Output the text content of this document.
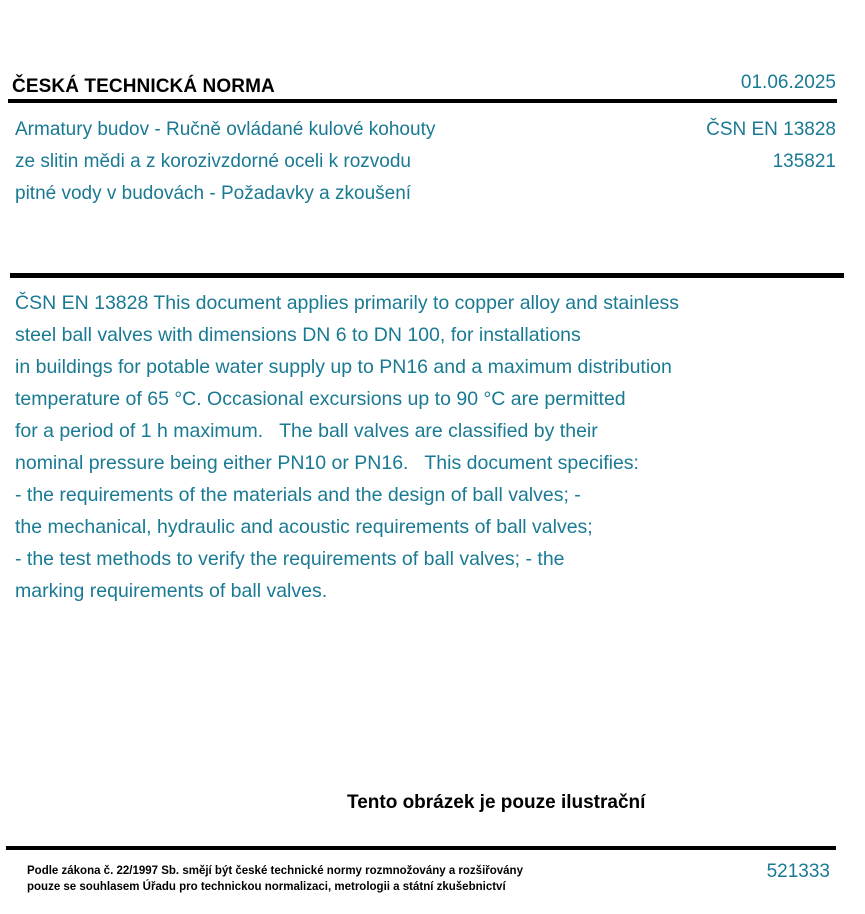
ČESKÁ TECHNICKÁ NORMA	01.06.2025
Armatury budov - Ručně ovládané kulové kohouty
ze slitin mědi a z korozivzdorné oceli k rozvodu
pitné vody v budovách - Požadavky a zkoušení
ČSN EN 13828
135821
ČSN EN 13828 This document applies primarily to copper alloy and stainless
steel ball valves with dimensions DN 6 to DN 100, for installations
in buildings for potable water supply up to PN16 and a maximum distribution
temperature of 65 °C. Occasional excursions up to 90 °C are permitted
for a period of 1 h maximum.   The ball valves are classified by their
nominal pressure being either PN10 or PN16.   This document specifies:
- the requirements of the materials and the design of ball valves; -
the mechanical, hydraulic and acoustic requirements of ball valves;
- the test methods to verify the requirements of ball valves; - the
marking requirements of ball valves.
Tento obrázek je pouze ilustrační
Podle zákona č. 22/1997 Sb. smějí být české technické normy rozmnožovány a rozšiřovány
pouze se souhlasem Úřadu pro technickou normalizaci, metrologii a státní zkušebnictví
521333
